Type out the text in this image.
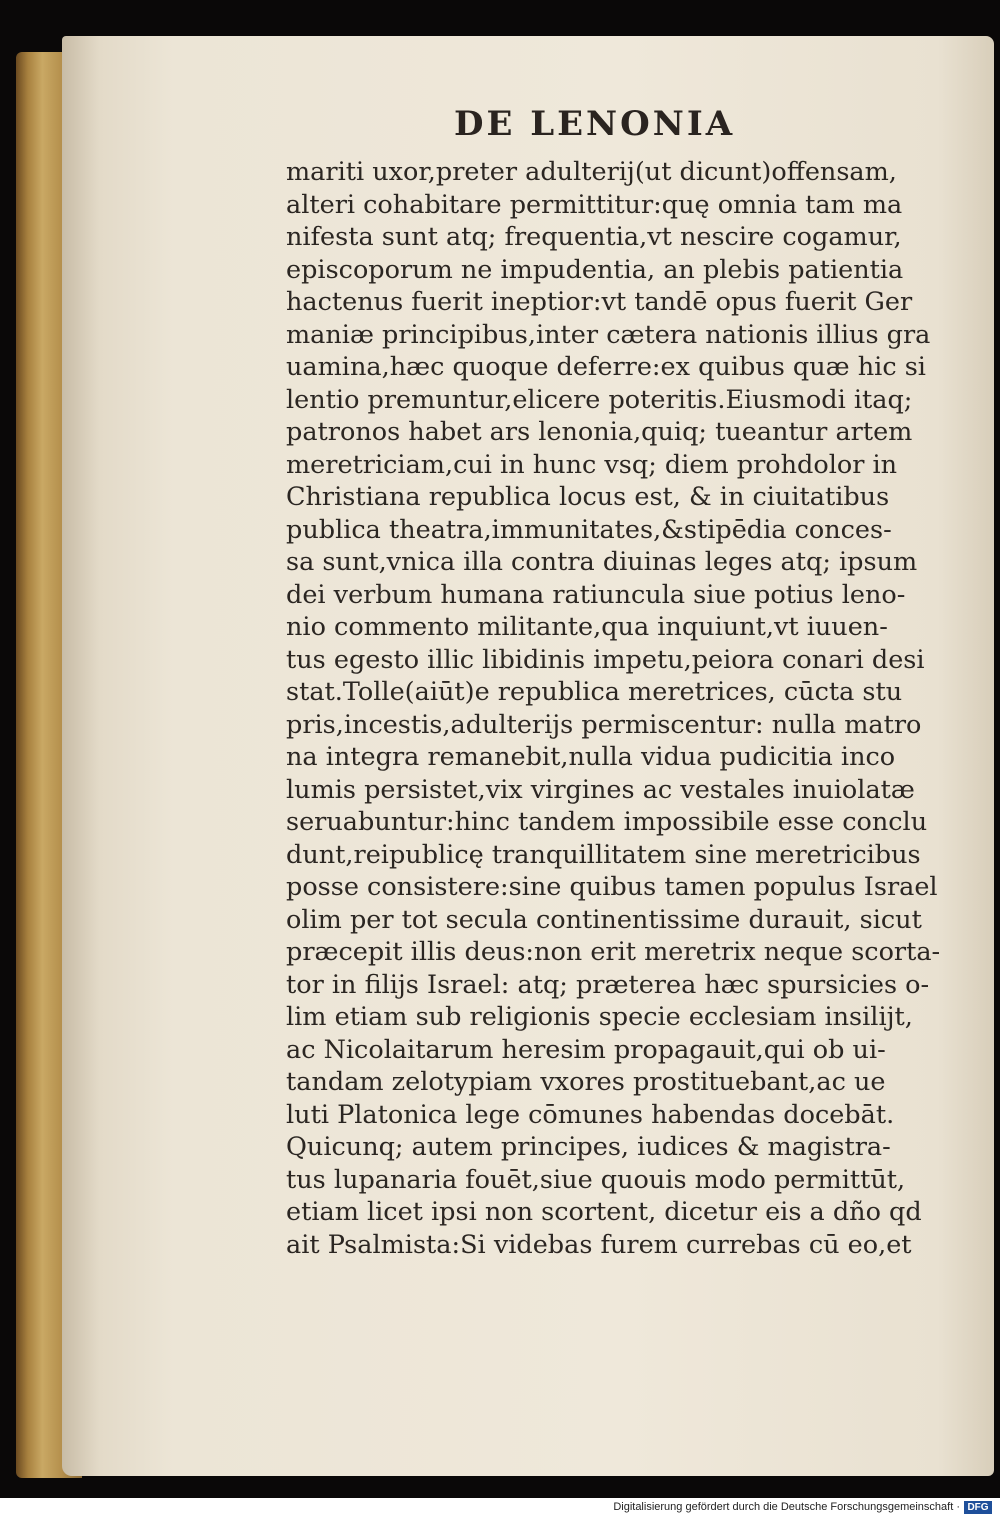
DE LENONIA
mariti uxor,preter adulterij(ut dicunt)offensam,
alteri cohabitare permittitur:quę omnia tam ma
nifesta sunt atq; frequentia,vt nescire cogamur,
episcoporum ne impudentia, an plebis patientia
hactenus fuerit ineptior:vt tandē opus fuerit Ger
maniæ principibus,inter cætera nationis illius gra
uamina,hæc quoque deferre:ex quibus quæ hic si
lentio premuntur,elicere poteritis.Eiusmodi itaq;
patronos habet ars lenonia,quiq; tueantur artem
meretriciam,cui in hunc vsq; diem prohdolor in
Christiana republica locus est, & in ciuitatibus
publica theatra,immunitates,&stipēdia conces-
sa sunt,vnica illa contra diuinas leges atq; ipsum
dei verbum humana ratiuncula siue potius leno-
nio commento militante,qua inquiunt,vt iuuen-
tus egesto illic libidinis impetu,peiora conari desi
stat.Tolle(aiūt)e republica meretrices, cūcta stu
pris,incestis,adulterijs permiscentur: nulla matro
na integra remanebit,nulla vidua pudicitia inco
lumis persistet,vix virgines ac vestales inuiolatæ
seruabuntur:hinc tandem impossibile esse conclu
dunt,reipublicę tranquillitatem sine meretricibus
posse consistere:sine quibus tamen populus Israel
olim per tot secula continentissime durauit, sicut
præcepit illis deus:non erit meretrix neque scorta-
tor in filijs Israel: atq; præterea hæc spursicies o-
lim etiam sub religionis specie ecclesiam insilijt,
ac Nicolaitarum heresim propagauit,qui ob ui-
tandam zelotypiam vxores prostituebant,ac ue
luti Platonica lege cōmunes habendas docebāt.
Quicunq; autem principes, iudices & magistra-
tus lupanaria fouēt,siue quouis modo permittūt,
etiam licet ipsi non scortent, dicetur eis a dño qd
ait Psalmista:Si videbas furem currebas cū eo,et
Digitalisierung gefördert durch die Deutsche Forschungsgemeinschaft · DFG
